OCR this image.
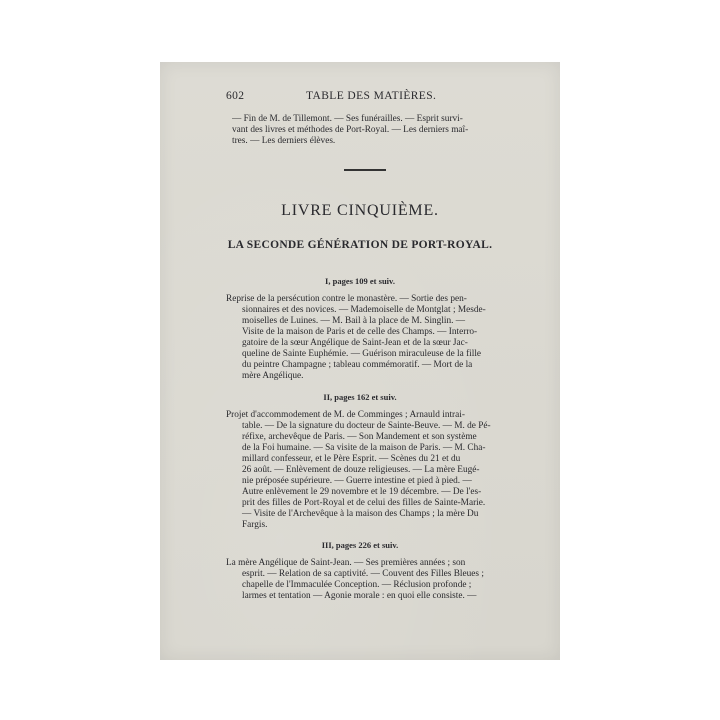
602	TABLE DES MATIÈRES.
— Fin de M. de Tillemont. — Ses funérailles. — Esprit survi-
vant des livres et méthodes de Port-Royal. — Les derniers maî-
tres. — Les derniers élèves.
LIVRE CINQUIÈME.
LA SECONDE GÉNÉRATION DE PORT-ROYAL.
I, pages 109 et suiv.
Reprise de la persécution contre le monastère. — Sortie des pen-
sionnaires et des novices. — Mademoiselle de Montglat ; Mesde-
moiselles de Luines. — M. Bail à la place de M. Singlin. —
Visite de la maison de Paris et de celle des Champs. — Interro-
gatoire de la sœur Angélique de Saint-Jean et de la sœur Jac-
queline de Sainte Euphémie. — Guérison miraculeuse de la fille
du peintre Champagne ; tableau commémoratif. — Mort de la
mère Angélique.
II, pages 162 et suiv.
Projet d'accommodement de M. de Comminges ; Arnauld intrai-
table. — De la signature du docteur de Sainte-Beuve. — M. de Pé-
réfixe, archevêque de Paris. — Son Mandement et son système
de la Foi humaine. — Sa visite de la maison de Paris. — M. Cha-
millard confesseur, et le Père Esprit. — Scènes du 21 et du
26 août. — Enlèvement de douze religieuses. — La mère Eugé-
nie préposée supérieure. — Guerre intestine et pied à pied. —
Autre enlèvement le 29 novembre et le 19 décembre. — De l'es-
prit des filles de Port-Royal et de celui des filles de Sainte-Marie.
— Visite de l'Archevêque à la maison des Champs ; la mère Du
Fargis.
III, pages 226 et suiv.
La mère Angélique de Saint-Jean. — Ses premières années ; son
esprit. — Relation de sa captivité. — Couvent des Filles Bleues ;
chapelle de l'Immaculée Conception. — Réclusion profonde ;
larmes et tentation — Agonie morale : en quoi elle consiste. —
